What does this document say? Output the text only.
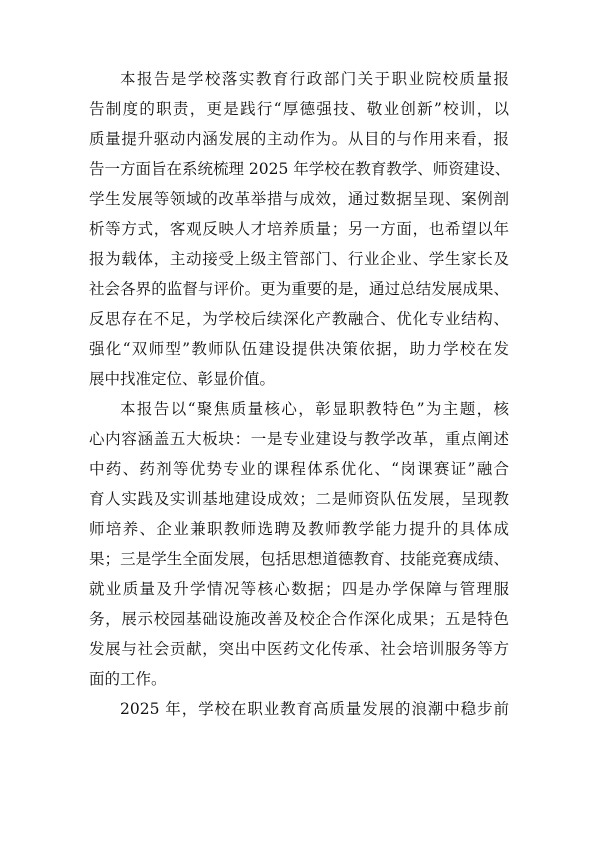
本报告是学校落实教育行政部门关于职业院校质量报
告制度的职责，更是践行“厚德强技、敬业创新”校训，以
质量提升驱动内涵发展的主动作为。从目的与作用来看，报
告一方面旨在系统梳理 2025 年学校在教育教学、师资建设、
学生发展等领域的改革举措与成效，通过数据呈现、案例剖
析等方式，客观反映人才培养质量；另一方面，也希望以年
报为载体，主动接受上级主管部门、行业企业、学生家长及
社会各界的监督与评价。更为重要的是，通过总结发展成果、
反思存在不足，为学校后续深化产教融合、优化专业结构、
强化“双师型”教师队伍建设提供决策依据，助力学校在发
展中找准定位、彰显价值。
本报告以“聚焦质量核心，彰显职教特色”为主题，核
心内容涵盖五大板块：一是专业建设与教学改革，重点阐述
中药、药剂等优势专业的课程体系优化、“岗课赛证”融合
育人实践及实训基地建设成效；二是师资队伍发展，呈现教
师培养、企业兼职教师选聘及教师教学能力提升的具体成
果；三是学生全面发展，包括思想道德教育、技能竞赛成绩、
就业质量及升学情况等核心数据；四是办学保障与管理服
务，展示校园基础设施改善及校企合作深化成果；五是特色
发展与社会贡献，突出中医药文化传承、社会培训服务等方
面的工作。
2025 年，学校在职业教育高质量发展的浪潮中稳步前
